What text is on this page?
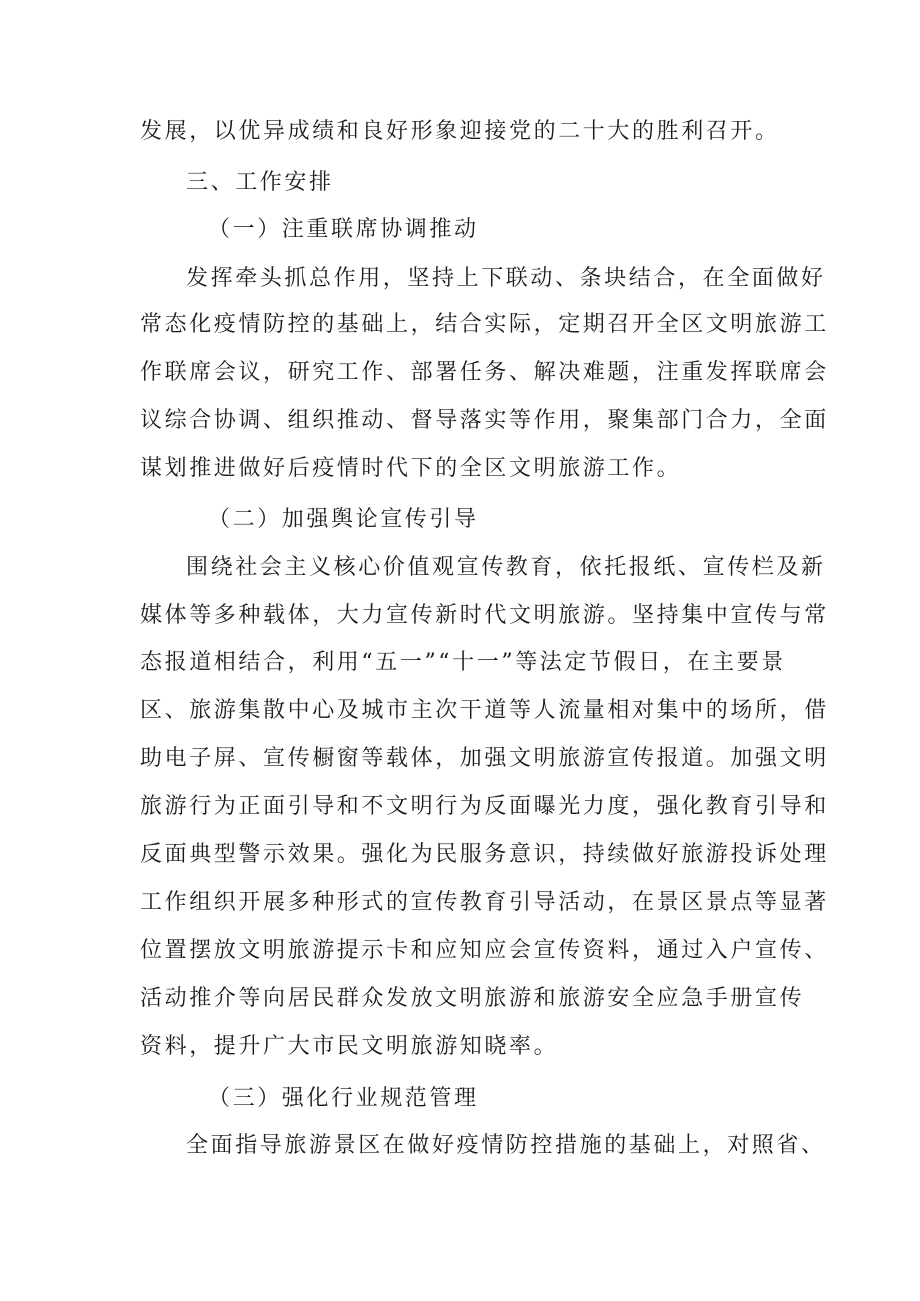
发展，以优异成绩和良好形象迎接党的二十大的胜利召开。
三、工作安排
（一）注重联席协调推动
发挥牵头抓总作用，坚持上下联动、条块结合，在全面做好
常态化疫情防控的基础上，结合实际，定期召开全区文明旅游工
作联席会议，研究工作、部署任务、解决难题，注重发挥联席会
议综合协调、组织推动、督导落实等作用，聚集部门合力，全面
谋划推进做好后疫情时代下的全区文明旅游工作。
（二）加强舆论宣传引导
围绕社会主义核心价值观宣传教育，依托报纸、宣传栏及新
媒体等多种载体，大力宣传新时代文明旅游。坚持集中宣传与常
态报道相结合，利用“五一”“十一”等法定节假日，在主要景
区、旅游集散中心及城市主次干道等人流量相对集中的场所，借
助电子屏、宣传橱窗等载体，加强文明旅游宣传报道。加强文明
旅游行为正面引导和不文明行为反面曝光力度，强化教育引导和
反面典型警示效果。强化为民服务意识，持续做好旅游投诉处理
工作组织开展多种形式的宣传教育引导活动，在景区景点等显著
位置摆放文明旅游提示卡和应知应会宣传资料，通过入户宣传、
活动推介等向居民群众发放文明旅游和旅游安全应急手册宣传
资料，提升广大市民文明旅游知晓率。
（三）强化行业规范管理
全面指导旅游景区在做好疫情防控措施的基础上，对照省、
